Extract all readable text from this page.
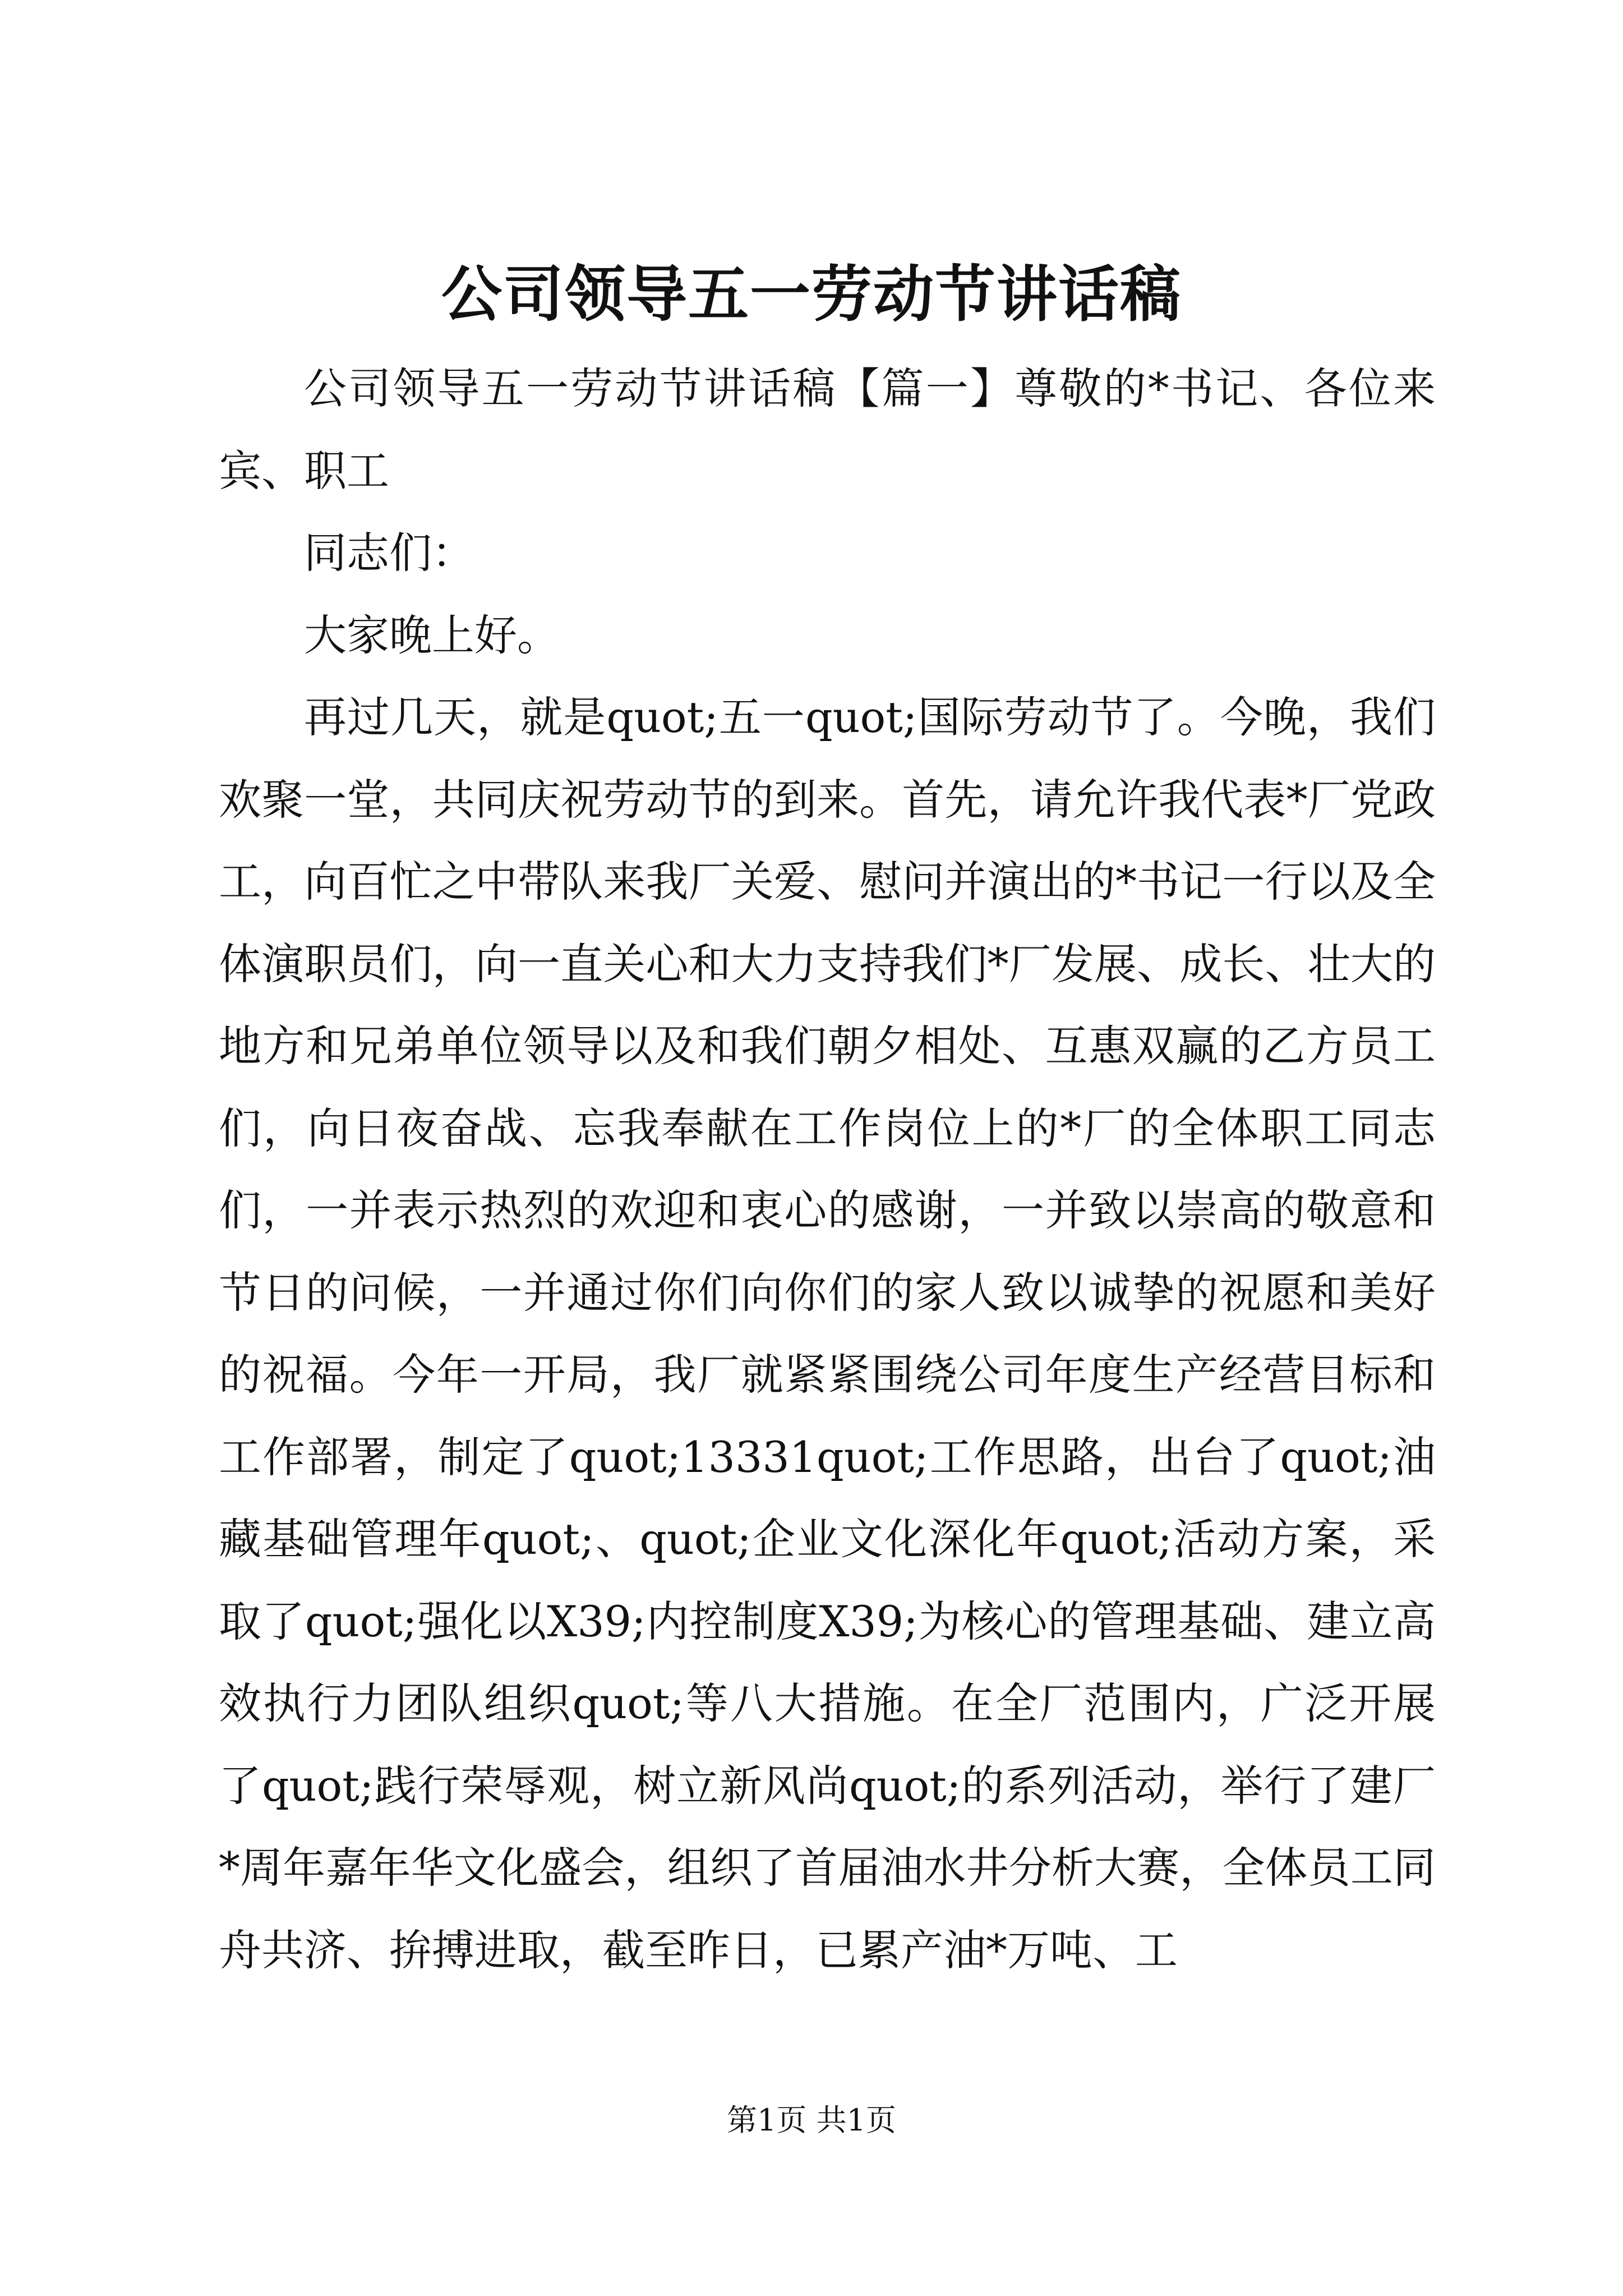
公司领导五一劳动节讲话稿

公司领导五一劳动节讲话稿【篇一】尊敬的*书记、各位来宾、职工

同志们：

大家晚上好。

再过几天，就是quot;五一quot;国际劳动节了。今晚，我们欢聚一堂，共同庆祝劳动节的到来。首先，请允许我代表*厂党政工，向百忙之中带队来我厂关爱、慰问并演出的*书记一行以及全体演职员们，向一直关心和大力支持我们*厂发展、成长、壮大的地方和兄弟单位领导以及和我们朝夕相处、互惠双赢的乙方员工们，向日夜奋战、忘我奉献在工作岗位上的*厂的全体职工同志们，一并表示热烈的欢迎和衷心的感谢，一并致以崇高的敬意和节日的问候，一并通过你们向你们的家人致以诚挚的祝愿和美好的祝福。今年一开局，我厂就紧紧围绕公司年度生产经营目标和工作部署，制定了quot;13331quot;工作思路，出台了quot;油藏基础管理年quot;、quot;企业文化深化年quot;活动方案，采取了quot;强化以X39;内控制度X39;为核心的管理基础、建立高效执行力团队组织quot;等八大措施。在全厂范围内，广泛开展了quot;践行荣辱观，树立新风尚quot;的系列活动，举行了建厂*周年嘉年华文化盛会，组织了首届油水井分析大赛，全体员工同舟共济、拚搏进取，截至昨日，已累产油*万吨、工

第1页 共1页
